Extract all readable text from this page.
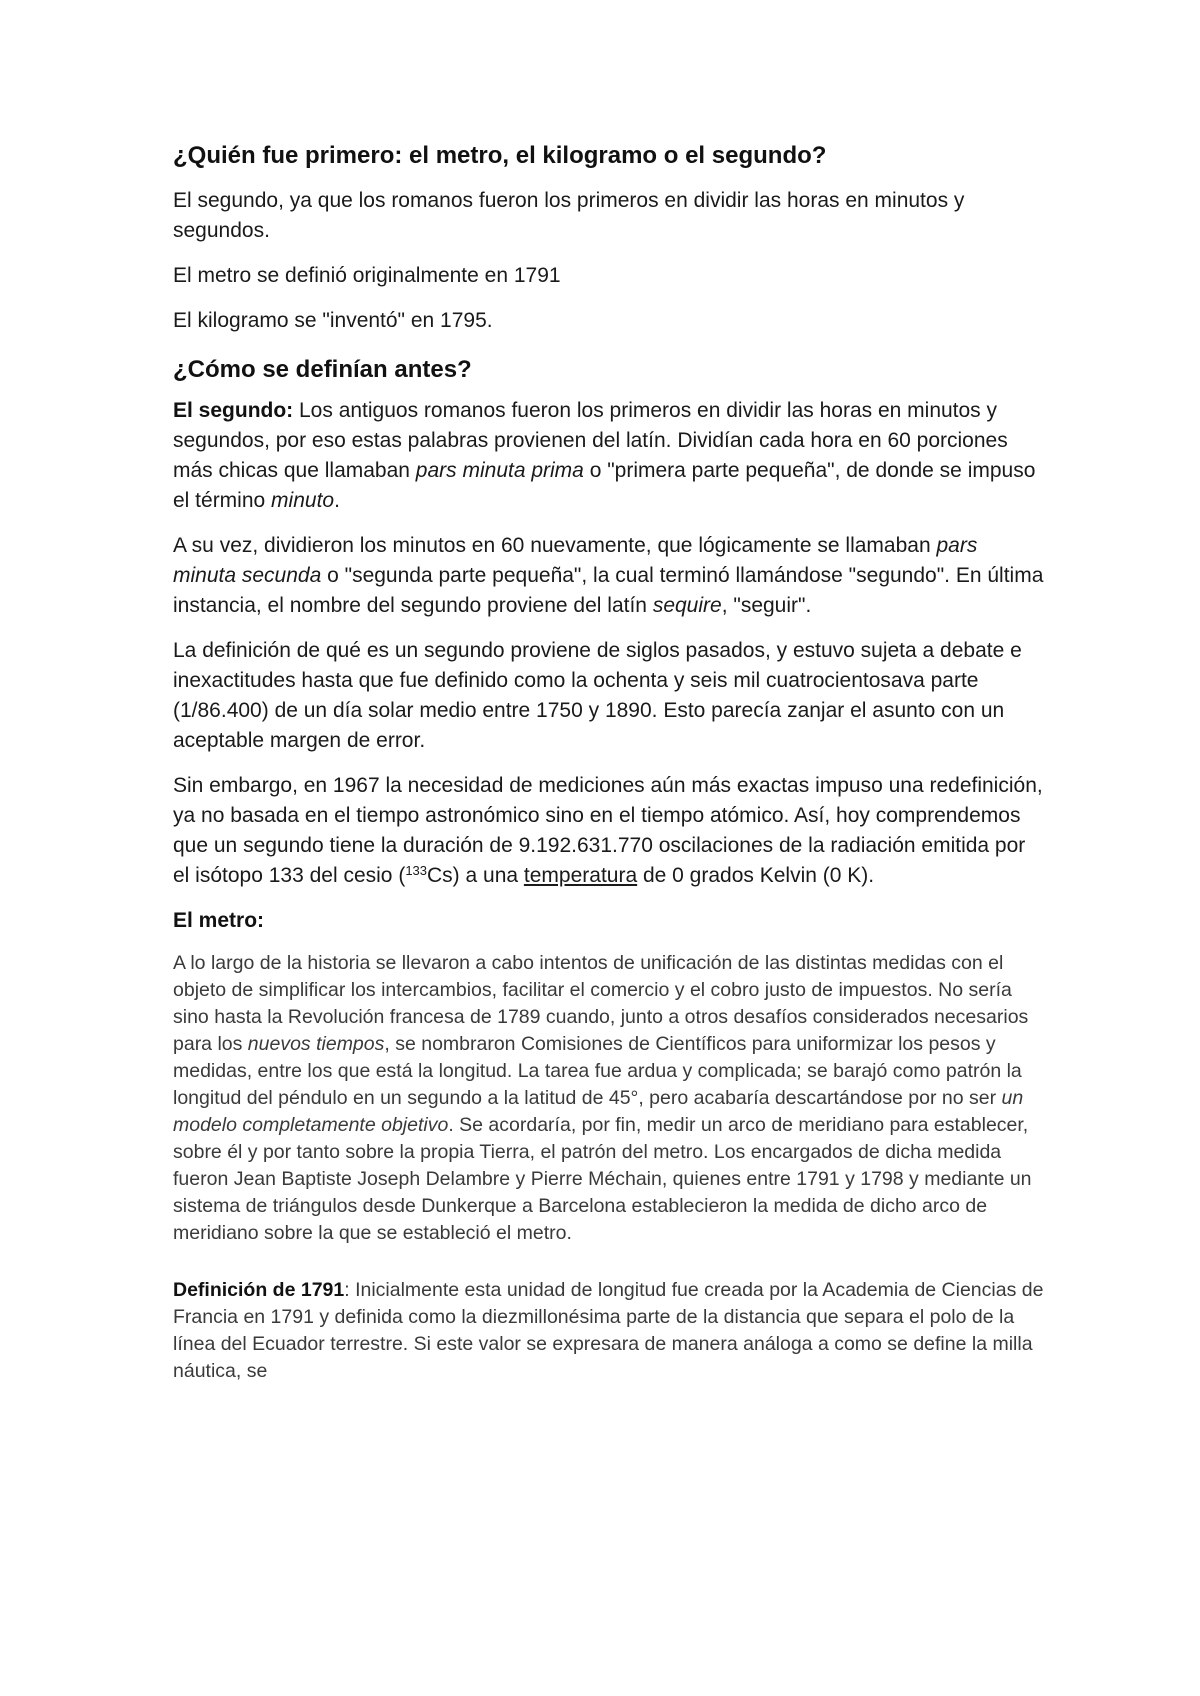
¿Quién fue primero: el metro, el kilogramo o el segundo?

El segundo, ya que los romanos fueron los primeros en dividir las horas en minutos y segundos.

El metro se definió originalmente en 1791

El kilogramo se "inventó" en 1795.

¿Cómo se definían antes?

El segundo: Los antiguos romanos fueron los primeros en dividir las horas en minutos y segundos, por eso estas palabras provienen del latín. Dividían cada hora en 60 porciones más chicas que llamaban pars minuta prima o "primera parte pequeña", de donde se impuso el término minuto.

A su vez, dividieron los minutos en 60 nuevamente, que lógicamente se llamaban pars minuta secunda o "segunda parte pequeña", la cual terminó llamándose "segundo". En última instancia, el nombre del segundo proviene del latín sequire, "seguir".

La definición de qué es un segundo proviene de siglos pasados, y estuvo sujeta a debate e inexactitudes hasta que fue definido como la ochenta y seis mil cuatrocientosava parte (1/86.400) de un día solar medio entre 1750 y 1890. Esto parecía zanjar el asunto con un aceptable margen de error.

Sin embargo, en 1967 la necesidad de mediciones aún más exactas impuso una redefinición, ya no basada en el tiempo astronómico sino en el tiempo atómico. Así, hoy comprendemos que un segundo tiene la duración de 9.192.631.770 oscilaciones de la radiación emitida por el isótopo 133 del cesio ($^{133}$Cs) a una temperatura de 0 grados Kelvin (0 K).

El metro:

A lo largo de la historia se llevaron a cabo intentos de unificación de las distintas medidas con el objeto de simplificar los intercambios, facilitar el comercio y el cobro justo de impuestos. No sería sino hasta la Revolución francesa de 1789 cuando, junto a otros desafíos considerados necesarios para los nuevos tiempos, se nombraron Comisiones de Científicos para uniformizar los pesos y medidas, entre los que está la longitud. La tarea fue ardua y complicada; se barajó como patrón la longitud del péndulo en un segundo a la latitud de 45°, pero acabaría descartándose por no ser un modelo completamente objetivo. Se acordaría, por fin, medir un arco de meridiano para establecer, sobre él y por tanto sobre la propia Tierra, el patrón del metro. Los encargados de dicha medida fueron Jean Baptiste Joseph Delambre y Pierre Méchain, quienes entre 1791 y 1798 y mediante un sistema de triángulos desde Dunkerque a Barcelona establecieron la medida de dicho arco de meridiano sobre la que se estableció el metro.

Definición de 1791: Inicialmente esta unidad de longitud fue creada por la Academia de Ciencias de Francia en 1791 y definida como la diezmillonésima parte de la distancia que separa el polo de la línea del Ecuador terrestre. Si este valor se expresara de manera análoga a como se define la milla náutica, se
